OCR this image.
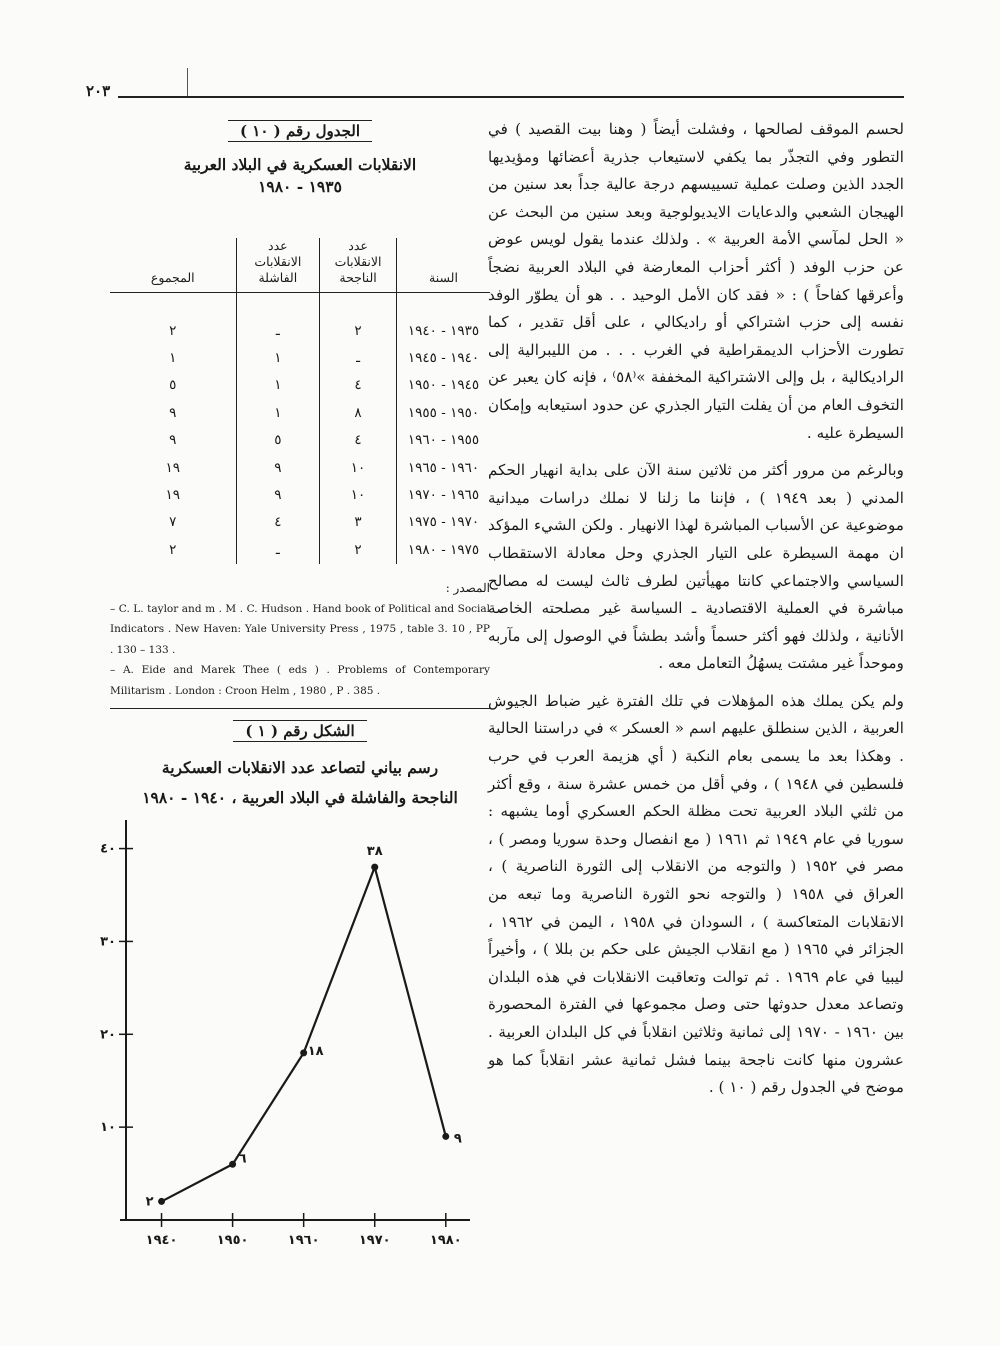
٢٠٣

لحسم الموقف لصالحها ، وفشلت أيضاً ( وهنا بيت القصيد ) في التطور وفي التجذّر بما يكفي لاستيعاب جذرية أعضائها ومؤيديها الجدد الذين وصلت عملية تسييسهم درجة عالية جداً بعد سنين من الهيجان الشعبي والدعايات الايديولوجية وبعد سنين من البحث عن « الحل لمآسي الأمة العربية » . ولذلك عندما يقول لويس عوض عن حزب الوفد ( أكثر أحزاب المعارضة في البلاد العربية نضجاً وأعرقها كفاحاً ) : « فقد كان الأمل الوحيد . . هو أن يطوّر الوفد نفسه إلى حزب اشتراكي أو راديكالي ، على أقل تقدير ، كما تطورت الأحزاب الديمقراطية في الغرب . . . من الليبرالية إلى الراديكالية ، بل وإلى الاشتراكية المخففة »⁽٥٨⁾ ، فإنه كان يعبر عن التخوف العام من أن يفلت التيار الجذري عن حدود استيعابه وإمكان السيطرة عليه .

وبالرغم من مرور أكثر من ثلاثين سنة الآن على بداية انهيار الحكم المدني ( بعد ١٩٤٩ ) ، فإننا ما زلنا لا نملك دراسات ميدانية موضوعية عن الأسباب المباشرة لهذا الانهيار . ولكن الشيء المؤكد ان مهمة السيطرة على التيار الجذري وحل معادلة الاستقطاب السياسي والاجتماعي كانتا مهيأتين لطرف ثالث ليست له مصالح مباشرة في العملية الاقتصادية ـ السياسة غير مصلحته الخاصة الأنانية ، ولذلك فهو أكثر حسماً وأشد بطشاً في الوصول إلى مآربه وموحداً غير مشتت يسهُلُ التعامل معه .

ولم يكن يملك هذه المؤهلات في تلك الفترة غير ضباط الجيوش العربية ، الذين سنطلق عليهم اسم « العسكر » في دراستنا الحالية . وهكذا بعد ما يسمى بعام النكبة ( أي هزيمة العرب في حرب فلسطين في ١٩٤٨ ) ، وفي أقل من خمس عشرة سنة ، وقع أكثر من ثلثي البلاد العربية تحت مظلة الحكم العسكري أوما يشبهه : سوريا في عام ١٩٤٩ ثم ١٩٦١ ( مع انفصال وحدة سوريا ومصر ) ، مصر في ١٩٥٢ ( والتوجه من الانقلاب إلى الثورة الناصرية ) ، العراق في ١٩٥٨ ( والتوجه نحو الثورة الناصرية وما تبعه من الانقلابات المتعاكسة ) ، السودان في ١٩٥٨ ، اليمن في ١٩٦٢ ، الجزائر في ١٩٦٥ ( مع انقلاب الجيش على حكم بن بللا ) ، وأخيراً ليبيا في عام ١٩٦٩ . ثم توالت وتعاقبت الانقلابات في هذه البلدان وتصاعد معدل حدوثها حتى وصل مجموعها في الفترة المحصورة بين ١٩٦٠ - ١٩٧٠ إلى ثمانية وثلاثين انقلاباً في كل البلدان العربية . عشرون منها كانت ناجحة بينما فشل ثمانية عشر انقلاباً كما هو موضح في الجدول رقم ( ١٠ ) .

الجدول رقم ( ١٠ )
الانقلابات العسكرية في البلاد العربية
١٩٣٥ - ١٩٨٠
السنة	عدد
الانقلابات
الناجحة	عدد
الانقلابات
الفاشلة	المجموع

١٩٣٥ - ١٩٤٠	٢	ـ	٢
١٩٤٠ - ١٩٤٥	ـ	١	١
١٩٤٥ - ١٩٥٠	٤	١	٥
١٩٥٠ - ١٩٥٥	٨	١	٩
١٩٥٥ - ١٩٦٠	٤	٥	٩
١٩٦٠ - ١٩٦٥	١٠	٩	١٩
١٩٦٥ - ١٩٧٠	١٠	٩	١٩
١٩٧٠ - ١٩٧٥	٣	٤	٧
١٩٧٥ - ١٩٨٠	٢	ـ	٢
المصدر :
– C. L. taylor and m . M . C. Hudson . Hand book of Political and Social Indicators . New Haven: Yale University Press , 1975 , table 3. 10 , PP . 130 – 133 .
– A. Eide and Marek Thee ( eds ) . Problems of Contemporary Militarism . London : Croon Helm , 1980 , P . 385 .
الشكل رقم ( ١ )
رسم بياني لتصاعد عدد الانقلابات العسكرية
الناجحة والفاشلة في البلاد العربية ، ١٩٤٠ - ١٩٨٠
١٠
٢٠
٣٠
٤٠
١٩٤٠	١٩٥٠	١٩٦٠	١٩٧٠	١٩٨٠
٢
٦
١٨
٣٨
٩
